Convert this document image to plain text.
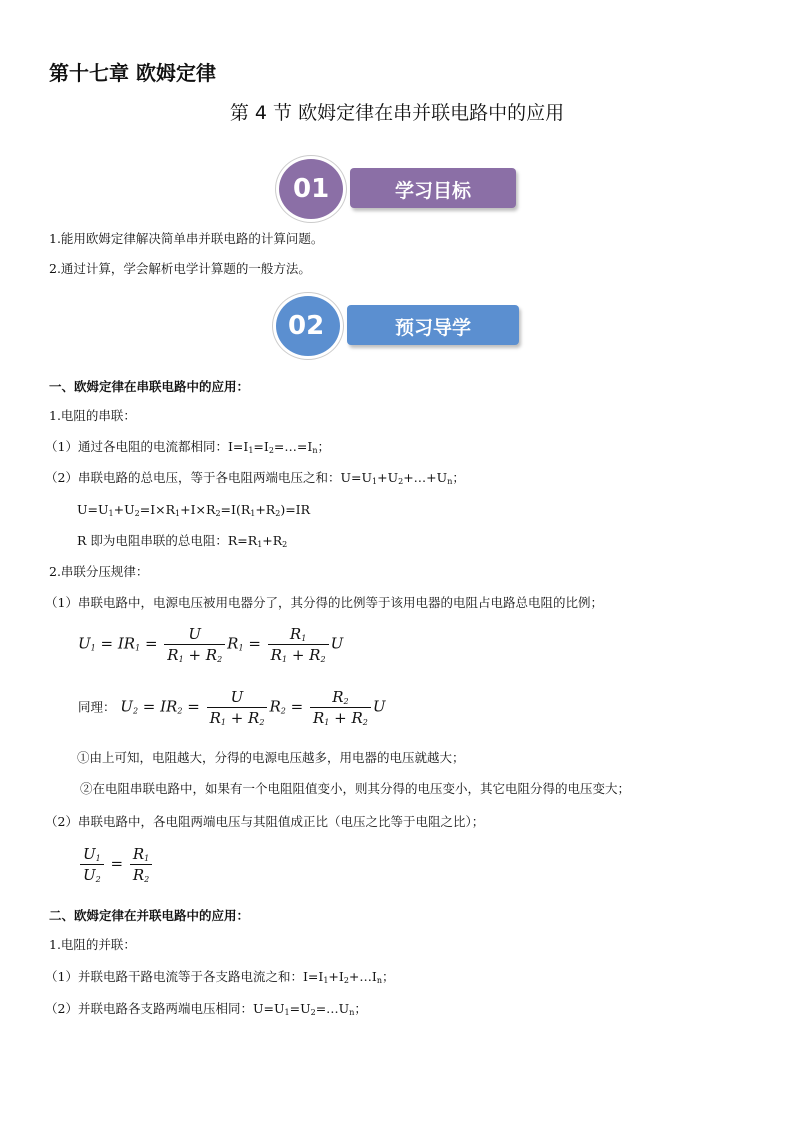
第十七章 欧姆定律
第 4 节 欧姆定律在串并联电路中的应用
学习目标
01
1.能用欧姆定律解决简单串并联电路的计算问题。
2.通过计算，学会解析电学计算题的一般方法。
预习导学
02
一、欧姆定律在串联电路中的应用：
1.电阻的串联：
（1）通过各电阻的电流都相同：$I=I_1=I_2=\dots=I_n$；
（2）串联电路的总电压，等于各电阻两端电压之和：$U=U_1+U_2+\dots+U_n$；
$U=U_1+U_2=I\times R_1+I\times R_2=I(R_1+R_2)=IR$
R 即为电阻串联的总电阻：$R=R_1+R_2$
2.串联分压规律：
（1）串联电路中，电源电压被用电器分了，其分得的比例等于该用电器的电阻占电路总电阻的比例；
$U_1 = IR_1 = \frac{U}{R_1 + R_2} R_1 = \frac{R_1}{R_1 + R_2}$ U
同理： $U_2 = IR_2 = \frac{U}{R_1 + R_2} R_2 = \frac{R_2}{R_1 + R_2}$ U
①由上可知，电阻越大，分得的电源电压越多，用电器的电压就越大；
②在电阻串联电路中，如果有一个电阻阻值变小，则其分得的电压变小，其它电阻分得的电压变大；
（2）串联电路中，各电阻两端电压与其阻值成正比（电压之比等于电阻之比）；
$\frac{U_1}{U_2} = \frac{R_1}{R_2}$
二、欧姆定律在并联电路中的应用：
1.电阻的并联：
（1）并联电路干路电流等于各支路电流之和：$I=I_1+I_2+\dots I_n$；
（2）并联电路各支路两端电压相同：$U=U_1=U_2=\dots U_n$；
